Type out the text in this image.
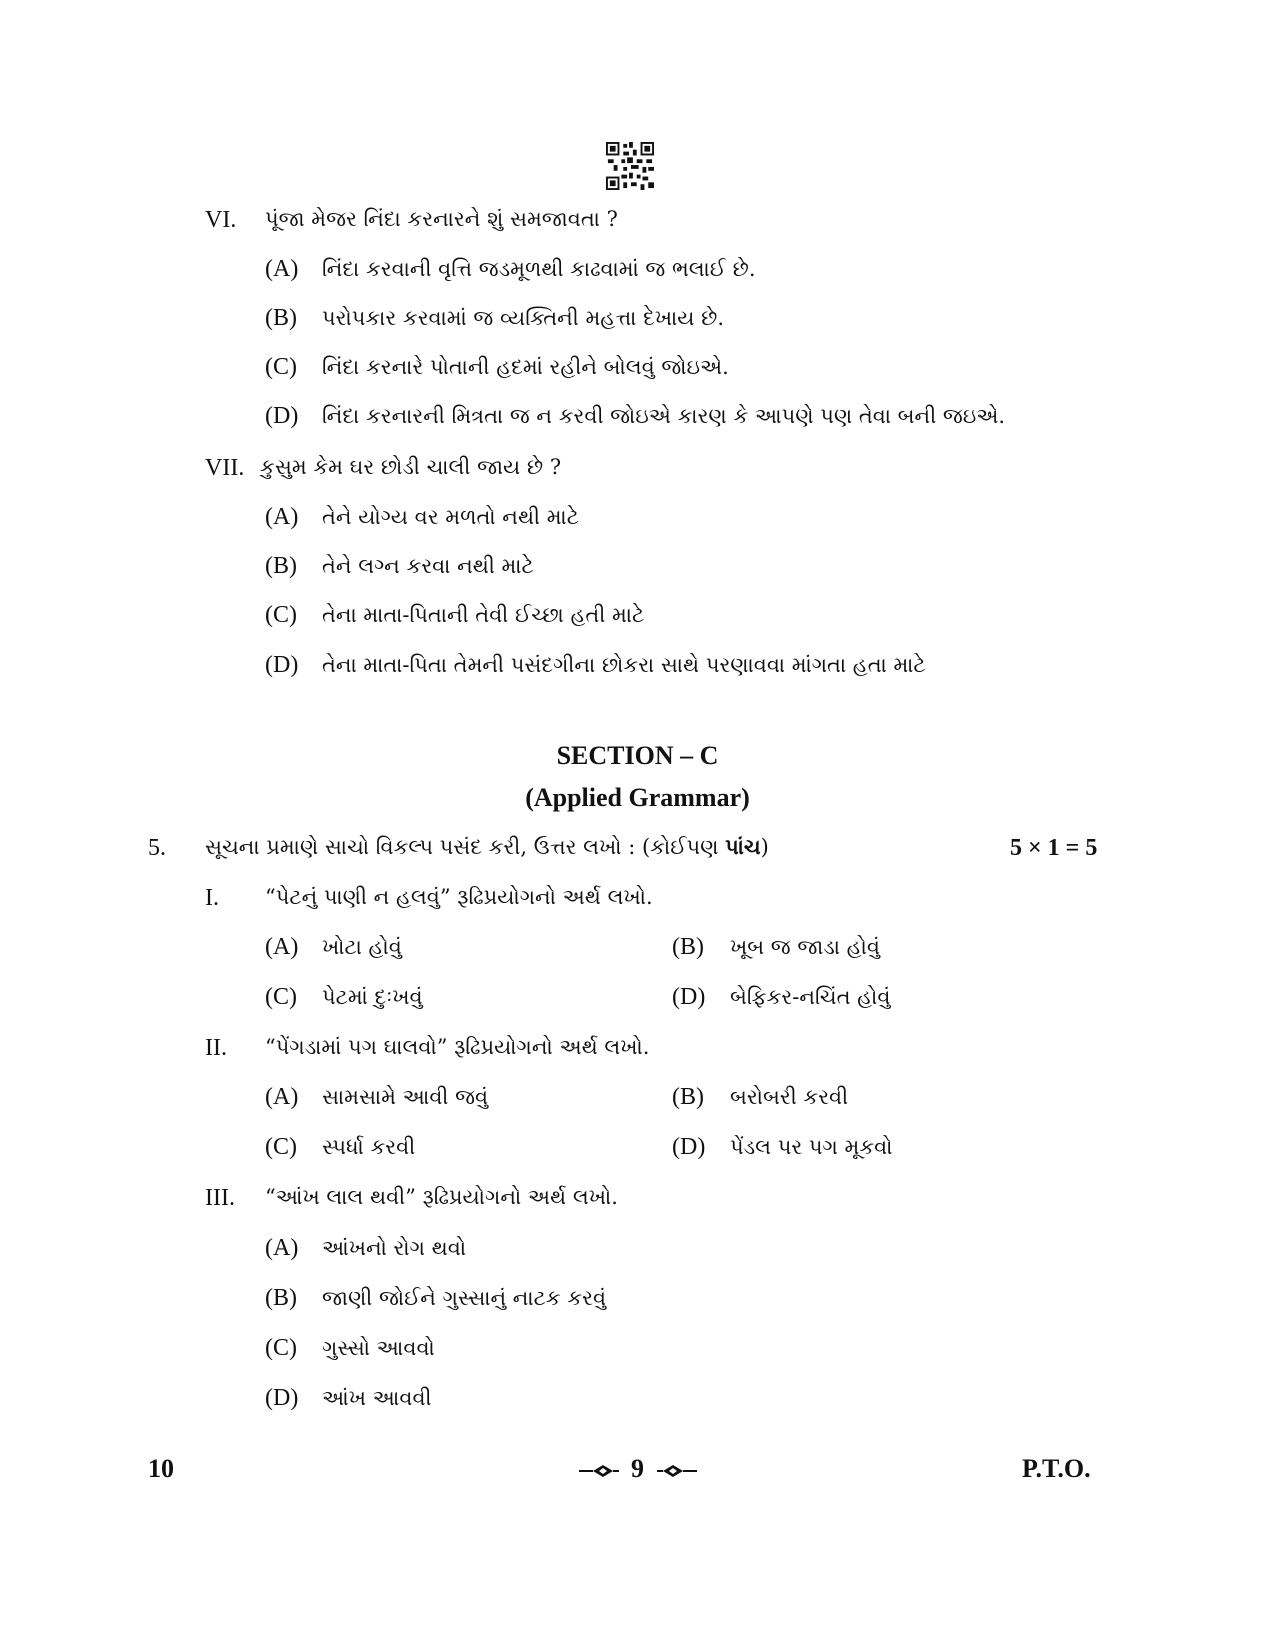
VI. પૂંજા મેજર નિંદા કરનારને શું સમજાવતા ?
(A) નિંદા કરવાની વૃત્તિ જડમૂળથી કાઢવામાં જ ભલાઈ છે.
(B) પરોપકાર કરવામાં જ વ્યક્તિની મહત્તા દેખાય છે.
(C) નિંદા કરનારે પોતાની હદમાં રહીને બોલવું જોઇએ.
(D) નિંદા કરનારની મિત્રતા જ ન કરવી જોઇએ કારણ કે આપણે પણ તેવા બની જઇએ.
VII. કુસુમ કેમ ઘર છોડી ચાલી જાય છે ?
(A) તેને યોગ્ય વર મળતો નથી માટે
(B) તેને લગ્ન કરવા નથી માટે
(C) તેના માતા-પિતાની તેવી ઈચ્છા હતી માટે
(D) તેના માતા-પિતા તેમની પસંદગીના છોકરા સાથે પરણાવવા માંગતા હતા માટે
SECTION – C
(Applied Grammar)
5. સૂચના પ્રમાણે સાચો વિકલ્પ પસંદ કરી, ઉત્તર લખો : (કોઈપણ પાંચ)	5 × 1 = 5
I. “પેટનું પાણી ન હલવું” રૂઢિપ્રયોગનો અર્થ લખો.
(A) ખોટા હોવું	(B) ખૂબ જ જાડા હોવું
(C) પેટમાં દુઃખવું	(D) બેફિકર-નચિંત હોવું
II. “પેંગડામાં પગ ઘાલવો” રૂઢિપ્રયોગનો અર્થ લખો.
(A) સામસામે આવી જવું	(B) બરોબરી કરવી
(C) સ્પર્ધા કરવી	(D) પેંડલ પર પગ મૂકવો
III. “આંખ લાલ થવી” રૂઢિપ્રયોગનો અર્થ લખો.
(A) આંખનો રોગ થવો
(B) જાણી જોઈને ગુસ્સાનું નાટક કરવું
(C) ગુસ્સો આવવો
(D) આંખ આવવી
10	9	P.T.O.
